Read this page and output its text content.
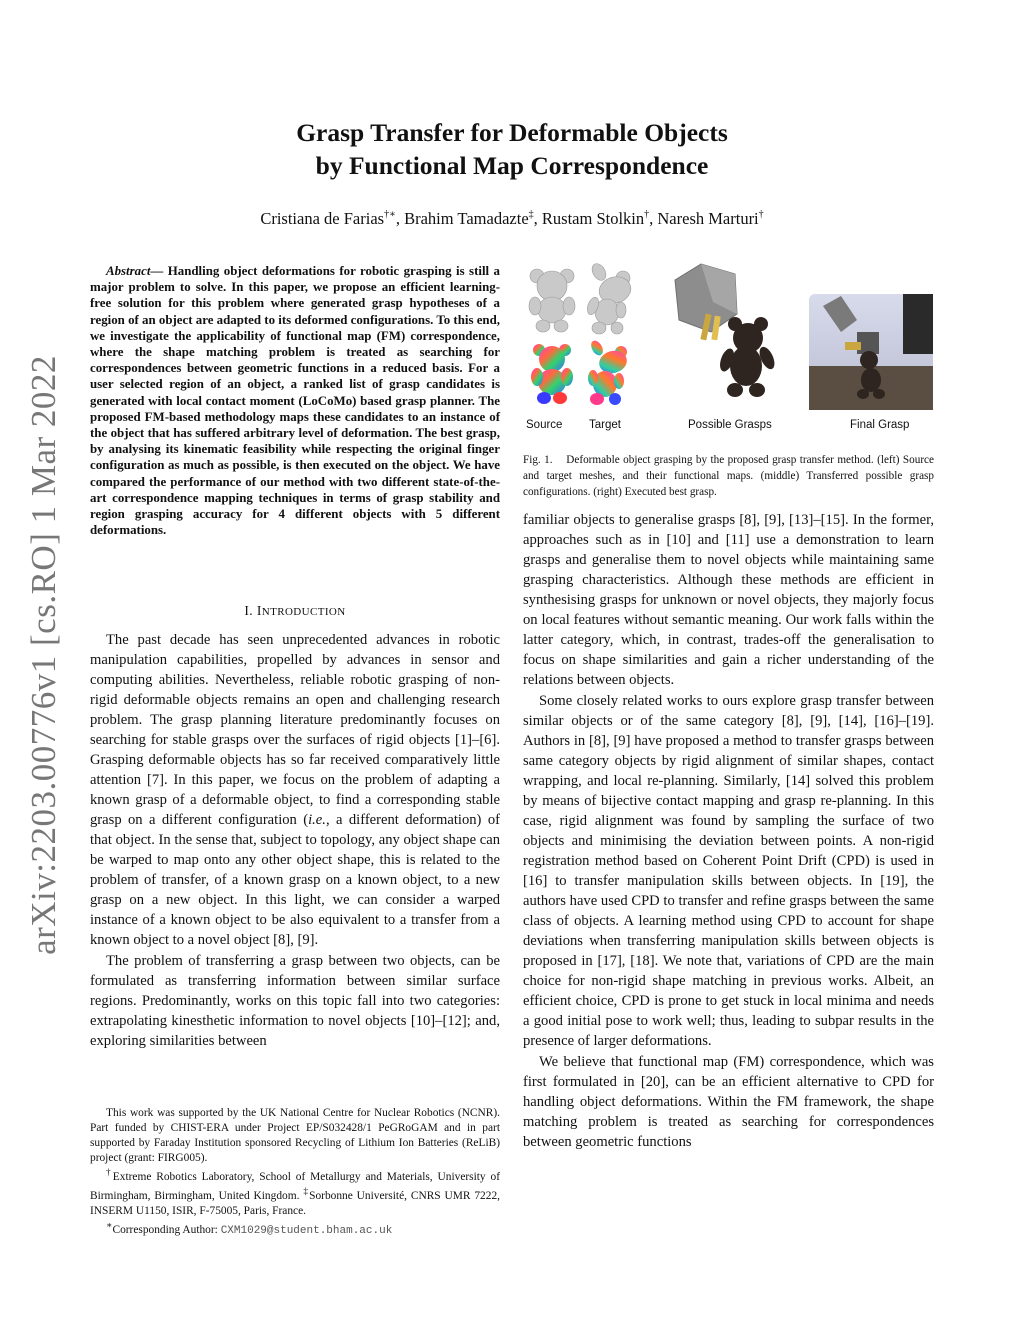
arXiv:2203.00776v1 [cs.RO] 1 Mar 2022
Grasp Transfer for Deformable Objects
by Functional Map Correspondence
Cristiana de Farias†∗, Brahim Tamadazte‡, Rustam Stolkin†, Naresh Marturi†

Abstract— Handling object deformations for robotic grasping is still a major problem to solve. In this paper, we propose an efficient learning-free solution for this problem where generated grasp hypotheses of a region of an object are adapted to its deformed configurations. To this end, we investigate the applicability of functional map (FM) correspondence, where the shape matching problem is treated as searching for correspondences between geometric functions in a reduced basis. For a user selected region of an object, a ranked list of grasp candidates is generated with local contact moment (LoCoMo) based grasp planner. The proposed FM-based methodology maps these candidates to an instance of the object that has suffered arbitrary level of deformation. The best grasp, by analysing its kinematic feasibility while respecting the original finger configuration as much as possible, is then executed on the object. We have compared the performance of our method with two different state-of-the-art correspondence mapping techniques in terms of grasp stability and region grasping accuracy for 4 different objects with 5 different deformations.

I. INTRODUCTION

The past decade has seen unprecedented advances in robotic manipulation capabilities, propelled by advances in sensor and computing abilities. Nevertheless, reliable robotic grasping of non-rigid deformable objects remains an open and challenging research problem. The grasp planning literature predominantly focuses on searching for stable grasps over the surfaces of rigid objects [1]–[6]. Grasping deformable objects has so far received comparatively little attention [7]. In this paper, we focus on the problem of adapting a known grasp of a deformable object, to find a corresponding stable grasp on a different configuration (i.e., a different deformation) of that object. In the sense that, subject to topology, any object shape can be warped to map onto any other object shape, this is related to the problem of transfer, of a known grasp on a known object, to a new grasp on a new object. In this light, we can consider a warped instance of a known object to be also equivalent to a transfer from a known object to a novel object [8], [9].

The problem of transferring a grasp between two objects, can be formulated as transferring information between similar surface regions. Predominantly, works on this topic fall into two categories: extrapolating kinesthetic information to novel objects [10]–[12]; and, exploring similarities between

This work was supported by the UK National Centre for Nuclear Robotics (NCNR). Part funded by CHIST-ERA under Project EP/S032428/1 PeGRoGAM and in part supported by Faraday Institution sponsored Recycling of Lithium Ion Batteries (ReLiB) project (grant: FIRG005).

†Extreme Robotics Laboratory, School of Metallurgy and Materials, University of Birmingham, Birmingham, United Kingdom. ‡Sorbonne Université, CNRS UMR 7222, INSERM U1150, ISIR, F-75005, Paris, France.

∗Corresponding Author: CXM1029@student.bham.ac.uk

Source Target	Possible Grasps	Final Grasp
Fig. 1. Deformable object grasping by the proposed grasp transfer method. (left) Source and target meshes, and their functional maps. (middle) Transferred possible grasp configurations. (right) Executed best grasp.

familiar objects to generalise grasps [8], [9], [13]–[15]. In the former, approaches such as in [10] and [11] use a demonstration to learn grasps and generalise them to novel objects while maintaining same grasping characteristics. Although these methods are efficient in synthesising grasps for unknown or novel objects, they majorly focus on local features without semantic meaning. Our work falls within the latter category, which, in contrast, trades-off the generalisation to focus on shape similarities and gain a richer understanding of the relations between objects.

Some closely related works to ours explore grasp transfer between similar objects or of the same category [8], [9], [14], [16]–[19]. Authors in [8], [9] have proposed a method to transfer grasps between same category objects by rigid alignment of similar shapes, contact wrapping, and local re-planning. Similarly, [14] solved this problem by means of bijective contact mapping and grasp re-planning. In this case, rigid alignment was found by sampling the surface of two objects and minimising the deviation between points. A non-rigid registration method based on Coherent Point Drift (CPD) is used in [16] to transfer manipulation skills between objects. In [19], the authors have used CPD to transfer and refine grasps between the same class of objects. A learning method using CPD to account for shape deviations when transferring manipulation skills between objects is proposed in [17], [18]. We note that, variations of CPD are the main choice for non-rigid shape matching in previous works. Albeit, an efficient choice, CPD is prone to get stuck in local minima and needs a good initial pose to work well; thus, leading to subpar results in the presence of larger deformations.

We believe that functional map (FM) correspondence, which was first formulated in [20], can be an efficient alternative to CPD for handling object deformations. Within the FM framework, the shape matching problem is treated as searching for correspondences between geometric functions
